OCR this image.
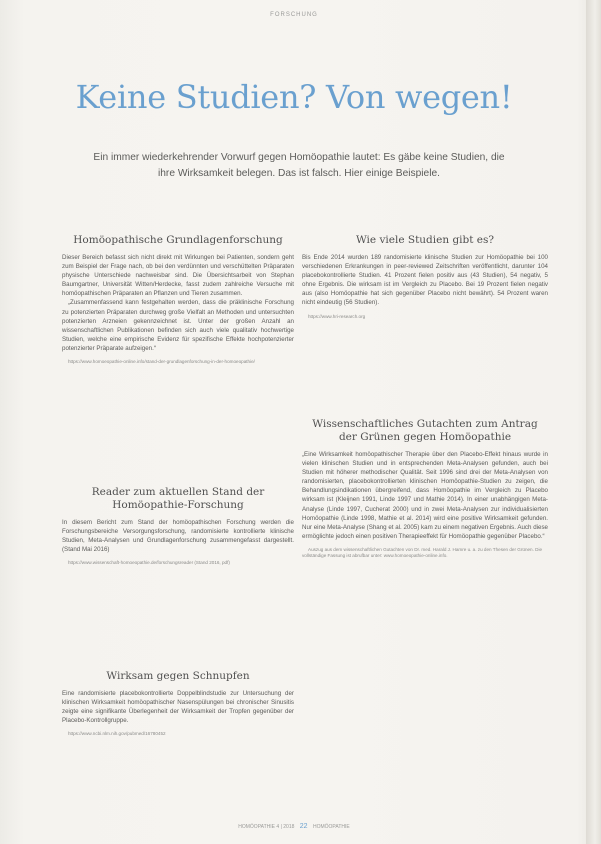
FORSCHUNG
Keine Studien? Von wegen!
Ein immer wiederkehrender Vorwurf gegen Homöopathie lautet: Es gäbe keine Studien, die ihre Wirksamkeit belegen. Das ist falsch. Hier einige Beispiele.
Homöopathische Grundlagenforschung

Dieser Bereich befasst sich nicht direkt mit Wirkungen bei Patienten, sondern geht zum Beispiel der Frage nach, ob bei den verdünnten und verschüttelten Präparaten physische Unterschiede nachweisbar sind. Die Übersichtsarbeit von Stephan Baumgartner, Universität Witten/Herdecke, fasst zudem zahlreiche Versuche mit homöopathischen Präparaten an Pflanzen und Tieren zusammen.

„Zusammenfassend kann festgehalten werden, dass die präklinische Forschung zu potenzierten Präparaten durchweg große Vielfalt an Methoden und untersuchten potenzierten Arzneien gekennzeichnet ist. Unter der großen Anzahl an wissenschaftlichen Publikationen befinden sich auch viele qualitativ hochwertige Studien, welche eine empirische Evidenz für spezifische Effekte hochpotenzierter potenzierter Präparate aufzeigen.“

https://www.homoeopathie-online.info/stand-der-grundlagenforschung-in-der-homoeopathie/

Reader zum aktuellen Stand der Homöopathie-Forschung

In diesem Bericht zum Stand der homöopathischen Forschung werden die Forschungsbereiche Versorgungsforschung, randomisierte kontrollierte klinische Studien, Meta-Analysen und Grundlagenforschung zusammengefasst dargestellt. (Stand Mai 2016)

https://www.wissenschaft-homoeopathie.de/forschungsreader (Stand 2016, pdf)

Wirksam gegen Schnupfen

Eine randomisierte placebokontrollierte Doppelblindstudie zur Untersuchung der klinischen Wirksamkeit homöopathischer Nasenspülungen bei chronischer Sinusitis zeigte eine signifikante Überlegenheit der Wirksamkeit der Tropfen gegenüber der Placebo-Kontrollgruppe.

https://www.ncbi.nlm.nih.gov/pubmed/16780452

Wie viele Studien gibt es?

Bis Ende 2014 wurden 189 randomisierte klinische Studien zur Homöopathie bei 100 verschiedenen Erkrankungen in peer-reviewed Zeitschriften veröffentlicht, darunter 104 placebokontrollierte Studien. 41 Prozent fielen positiv aus (43 Studien), 54 negativ, 5 ohne Ergebnis. Die wirksam ist im Vergleich zu Placebo. Bei 19 Prozent fielen negativ aus (also Homöopathie hat sich gegenüber Placebo nicht bewährt). 54 Prozent waren nicht eindeutig (56 Studien).

https://www.hri-research.org

Wissenschaftliches Gutachten zum Antrag der Grünen gegen Homöopathie

„Eine Wirksamkeit homöopathischer Therapie über den Placebo-Effekt hinaus wurde in vielen klinischen Studien und in entsprechenden Meta-Analysen gefunden, auch bei Studien mit höherer methodischer Qualität. Seit 1996 sind drei der Meta-Analysen von randomisierten, placebokontrollierten klinischen Homöopathie-Studien zu zeigen, die Behandlungsindikationen übergreifend, dass Homöopathie im Vergleich zu Placebo wirksam ist (Kleijnen 1991, Linde 1997 und Mathie 2014). In einer unabhängigen Meta-Analyse (Linde 1997, Cucherat 2000) und in zwei Meta-Analysen zur individualisierten Homöopathie (Linde 1998, Mathie et al. 2014) wird eine positive Wirksamkeit gefunden. Nur eine Meta-Analyse (Shang et al. 2005) kam zu einem negativen Ergebnis. Auch diese ermöglichte jedoch einen positiven Therapieeffekt für Homöopathie gegenüber Placebo.“

Auszug aus dem wissenschaftlichen Gutachten von Dr. med. Harald J. Hamre u. a. zu den Thesen der Grünen. Die vollständige Fassung ist abrufbar unter: www.homoeopathie-online.info.

HOMÖOPATHIE 4 | 2018 22 HOMÖOPATHIE
